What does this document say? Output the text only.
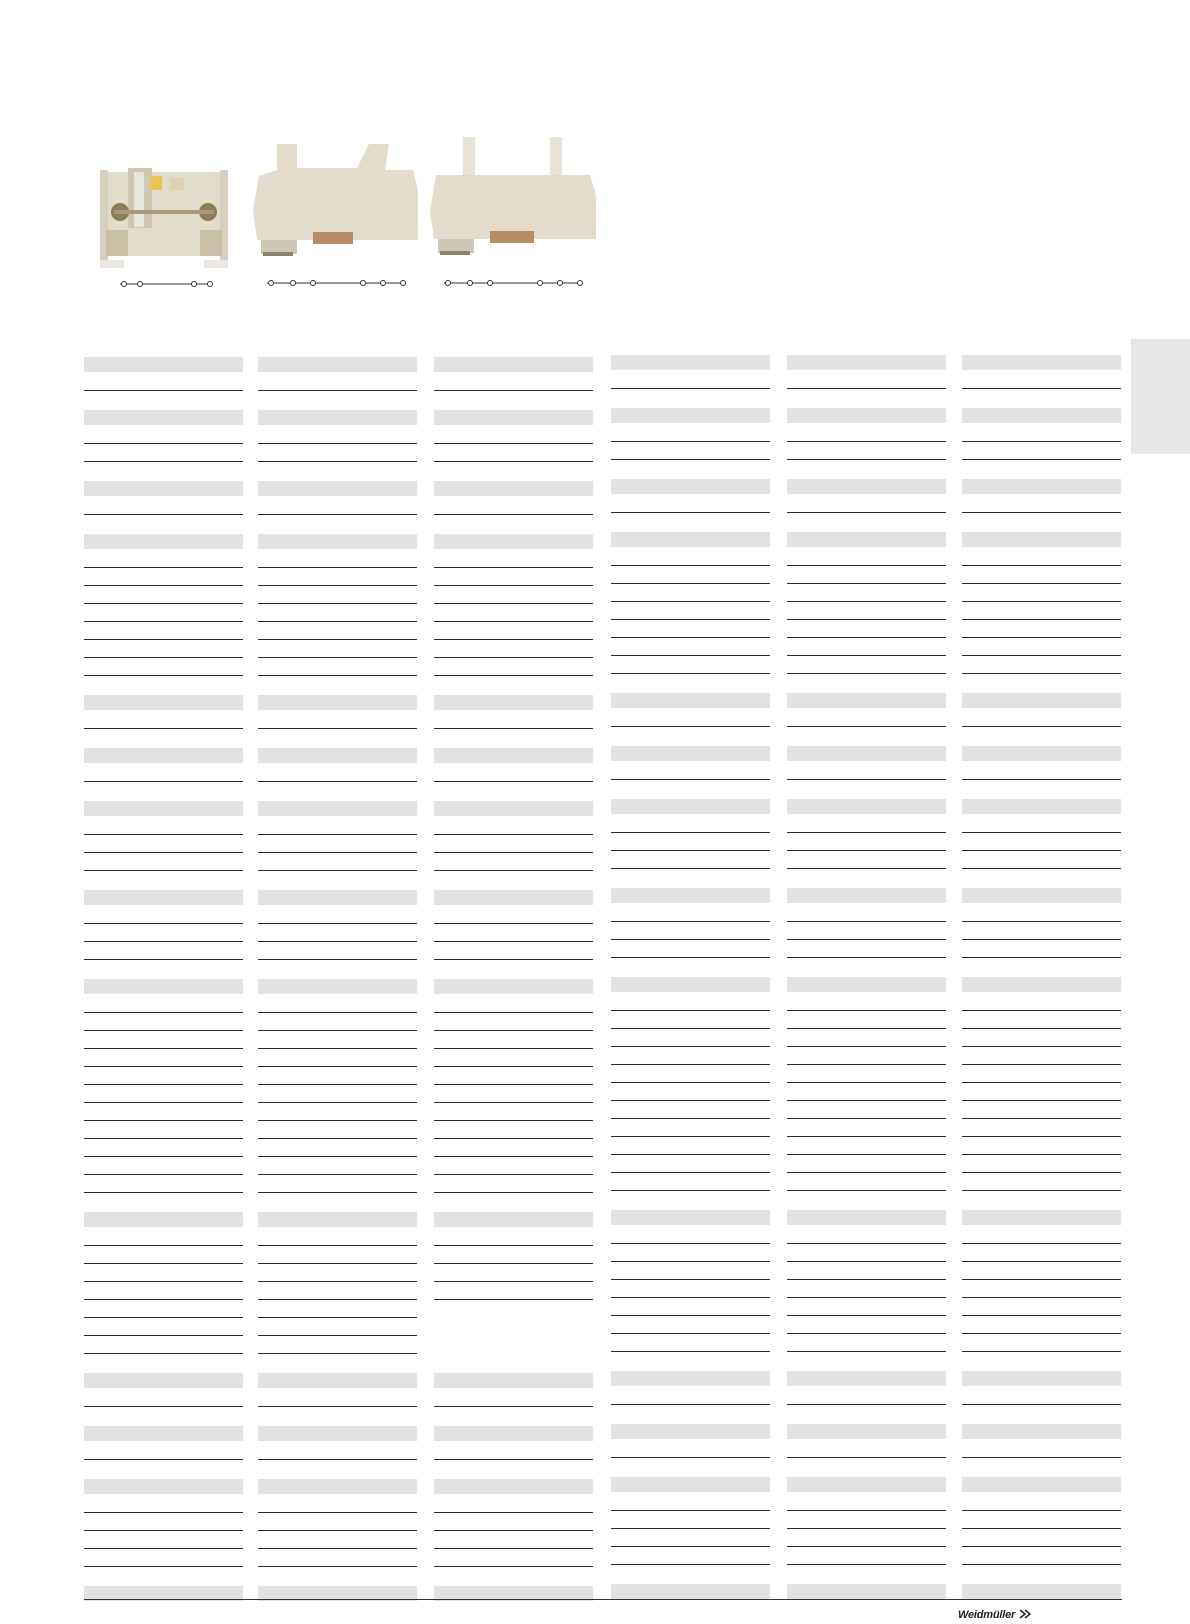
Weidmüller
